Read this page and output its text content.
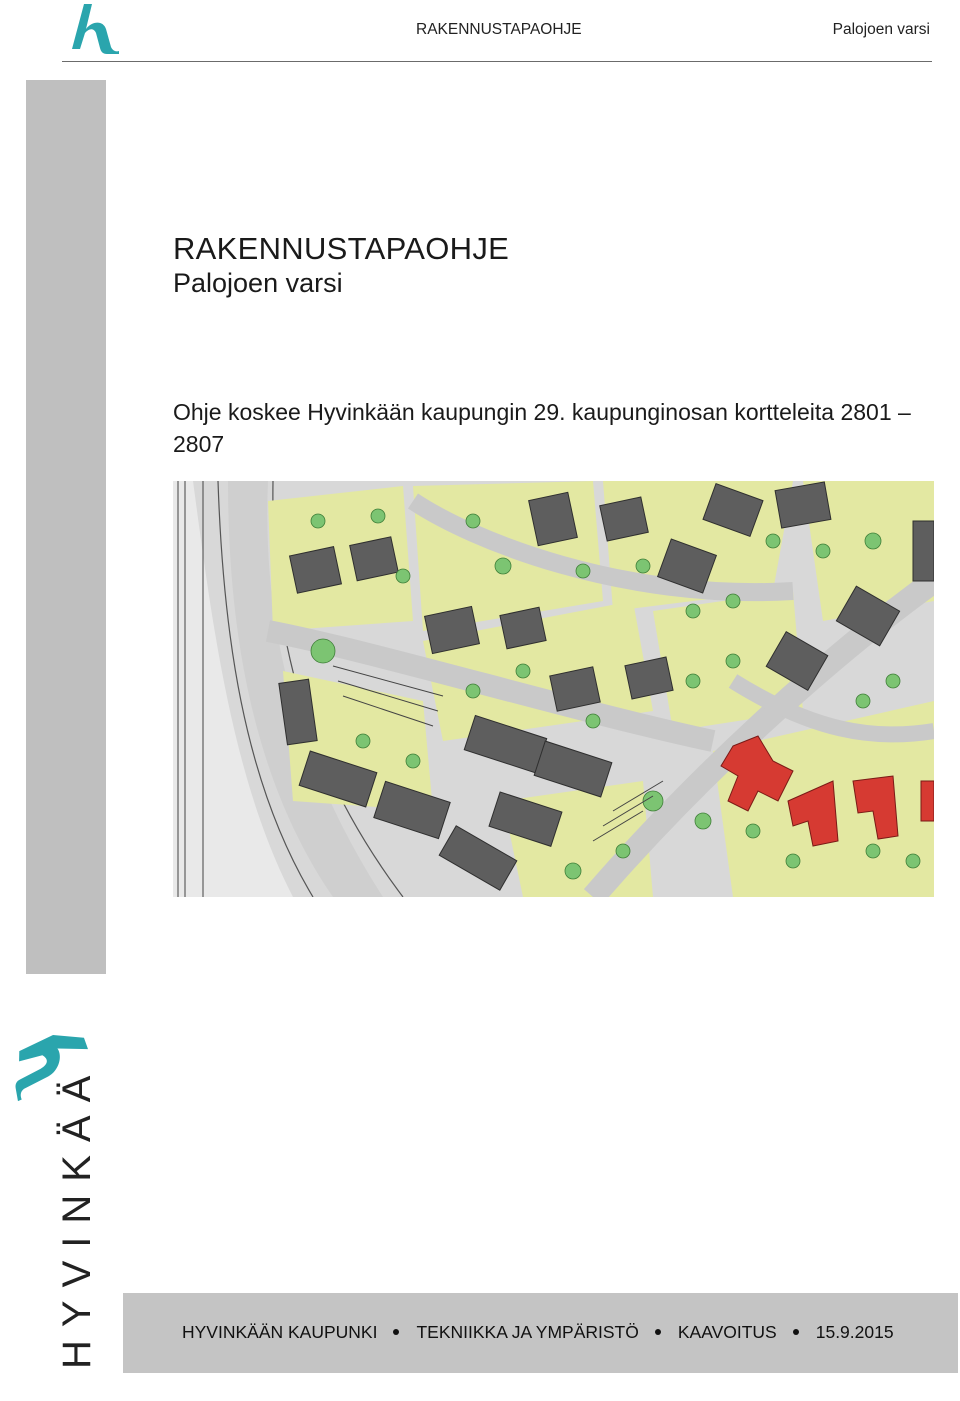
RAKENNUSTAPAOHJE	Palojoen varsi
HYVINKÄÄ
RAKENNUSTAPAOHJE
Palojoen varsi
Ohje koskee Hyvinkään kaupungin 29. kaupunginosan kortteleita 2801 – 2807
HYVINKÄÄN KAUPUNKI TEKNIIKKA JA YMPÄRISTÖ KAAVOITUS 15.9.2015
